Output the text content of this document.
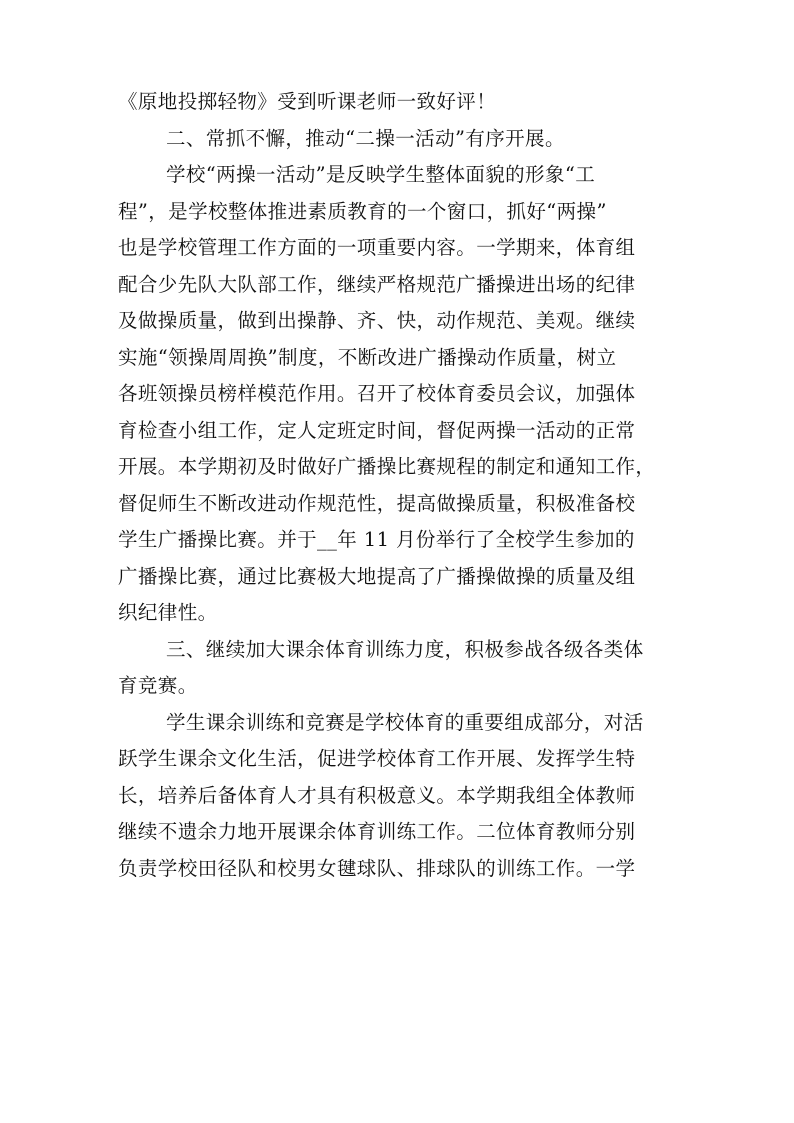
《原地投掷轻物》受到听课老师一致好评！
二、常抓不懈，推动“二操一活动”有序开展。
学校“两操一活动”是反映学生整体面貌的形象“工
程”，是学校整体推进素质教育的一个窗口，抓好“两操”
也是学校管理工作方面的一项重要内容。一学期来，体育组
配合少先队大队部工作，继续严格规范广播操进出场的纪律
及做操质量，做到出操静、齐、快，动作规范、美观。继续
实施“领操周周换”制度，不断改进广播操动作质量，树立
各班领操员榜样模范作用。召开了校体育委员会议，加强体
育检查小组工作，定人定班定时间，督促两操一活动的正常
开展。本学期初及时做好广播操比赛规程的制定和通知工作，
督促师生不断改进动作规范性，提高做操质量，积极准备校
学生广播操比赛。并于__年 11 月份举行了全校学生参加的
广播操比赛，通过比赛极大地提高了广播操做操的质量及组
织纪律性。
三、继续加大课余体育训练力度，积极参战各级各类体
育竞赛。
学生课余训练和竞赛是学校体育的重要组成部分，对活
跃学生课余文化生活，促进学校体育工作开展、发挥学生特
长，培养后备体育人才具有积极意义。本学期我组全体教师
继续不遗余力地开展课余体育训练工作。二位体育教师分别
负责学校田径队和校男女毽球队、排球队的训练工作。一学
